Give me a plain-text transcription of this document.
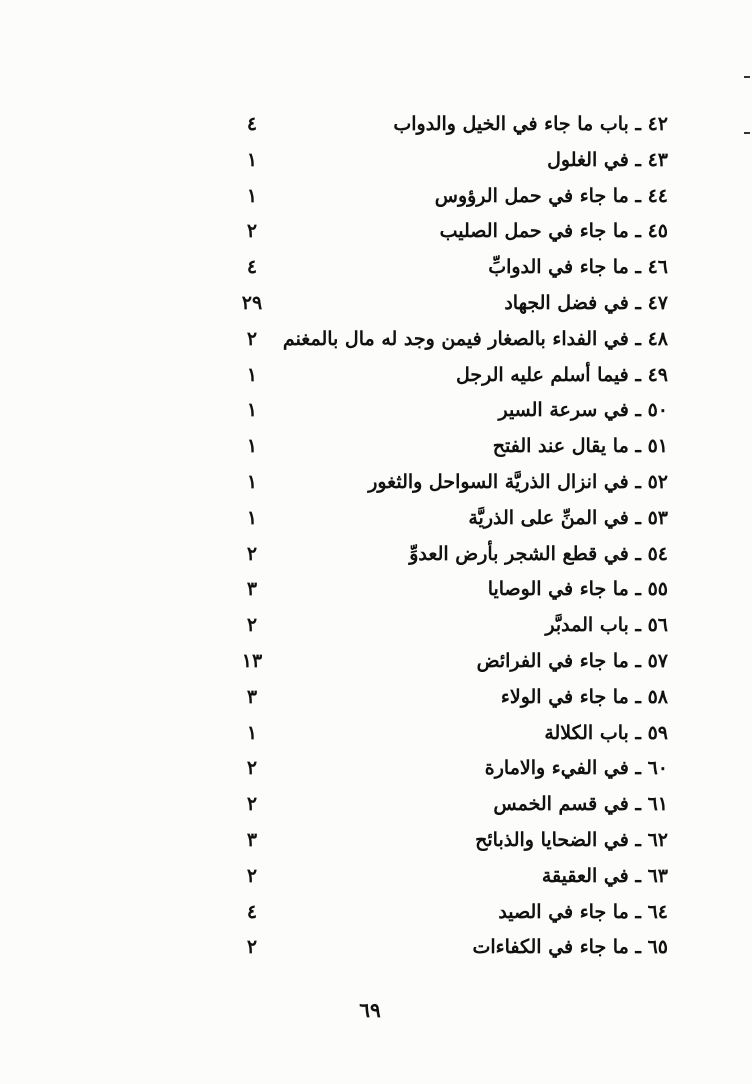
٤٢ ـ باب ما جاء في الخيل والدواب
٤
٤٣ ـ في الغلول
١
٤٤ ـ ما جاء في حمل الرؤوس
١
٤٥ ـ ما جاء في حمل الصليب
٢
٤٦ ـ ما جاء في الدوابِّ
٤
٤٧ ـ في فضل الجهاد
٢٩
٤٨ ـ في الفداء بالصغار فيمن وجد له مال بالمغنم
٢
٤٩ ـ فيما أسلم عليه الرجل
١
٥٠ ـ في سرعة السير
١
٥١ ـ ما يقال عند الفتح
١
٥٢ ـ في انزال الذريَّة السواحل والثغور
١
٥٣ ـ في المنِّ على الذريَّة
١
٥٤ ـ في قطع الشجر بأرض العدوِّ
٢
٥٥ ـ ما جاء في الوصايا
٣
٥٦ ـ باب المدبَّر
٢
٥٧ ـ ما جاء في الفرائض
١٣
٥٨ ـ ما جاء في الولاء
٣
٥٩ ـ باب الكلالة
١
٦٠ ـ في الفيء والامارة
٢
٦١ ـ في قسم الخمس
٢
٦٢ ـ في الضحايا والذبائح
٣
٦٣ ـ في العقيقة
٢
٦٤ ـ ما جاء في الصيد
٤
٦٥ ـ ما جاء في الكفاءات
٢
٦٩
